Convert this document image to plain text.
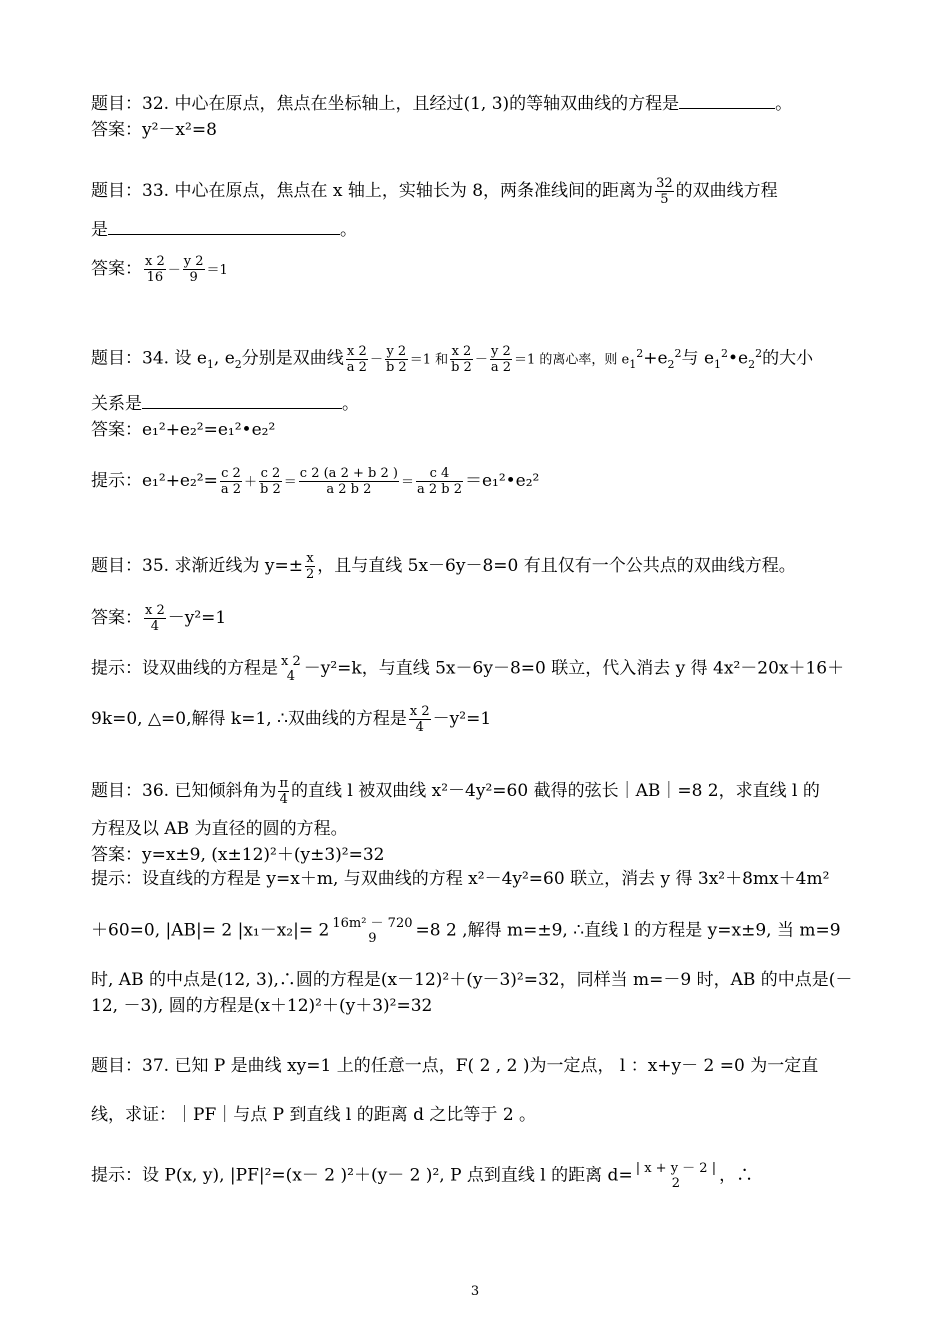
题目：32. 中心在原点，焦点在坐标轴上，且经过(1, 3)的等轴双曲线的方程是	。
答案：y²－x²=8
题目：33. 中心在原点，焦点在 x 轴上，实轴长为 8，两条准线间的距离为 $\frac{32}{5}$ 的双曲线方程
是	。
答案： $\frac{x 2}{16} - \frac{y 2}{9} =1$
题目：34. 设 $e_1$, $e_2$分别是双曲线 $\frac{x 2}{a 2} - \frac{y 2}{b 2} =1$ 和 $\frac{x 2}{b 2} - \frac{y 2}{a 2} =1$ 的离心率，则 $e_1^2+e_2^2$与 $e_1^2•e_2^2$的大小
关系是	。
答案：e₁²+e₂²=e₁²•e₂²
提示：$e_1^2+e_2^2= \frac{c 2}{a 2} + \frac{c 2}{b 2} = \frac{c 2 (a 2 + b 2 )}{a 2 b 2} = \frac{c 4}{a 2 b 2}$ ＝e₁²•e₂²
题目：35. 求渐近线为 $y=\pm \frac{x}{2}$ ，且与直线 5x－6y－8=0 有且仅有一个公共点的双曲线方程。
答案： $\frac{x 2}{4} -y^2=1$
提示：设双曲线的方程是 x 2
4 －y²=k，与直线 5x－6y－8=0 联立，代入消去 y 得 4x²－20x＋16＋
9k=0, △=0,解得 k=1, ∴双曲线的方程是 $\frac{x 2}{4} -y^2=1$
题目：36. 已知倾斜角为 $\frac{\pi}{4}$ 的直线 l 被双曲线 x²－4y²=60 截得的弦长｜AB｜=8 2，求直线 l 的
方程及以 AB 为直径的圆的方程。
答案：y=x±9, (x±12)²＋(y±3)²=32
提示：设直线的方程是 y=x＋m, 与双曲线的方程 x²－4y²=60 联立，消去 y 得 3x²＋8mx＋4m²
＋60=0, |AB|= 2 |x₁－x₂|= 2 16m² － 720
9	=8 2 ,解得 m=±9, ∴直线 l 的方程是 y=x±9, 当 m=9
时, AB 的中点是(12, 3),∴圆的方程是(x－12)²＋(y－3)²=32，同样当 m=－9 时，AB 的中点是(－
12, －3), 圆的方程是(x＋12)²＋(y＋3)²=32
题目：37. 已知 P 是曲线 xy=1 上的任意一点，F( 2 , 2 )为一定点， l ：x+y－ 2 =0 为一定直
线，求证：｜PF｜与点 P 到直线 l 的距离 d 之比等于 2 。
提示：设 P(x, y), |PF|²=(x－ 2 )²＋(y－ 2 )², P 点到直线 l 的距离 d= | x + y － 2 |
2	，∴
3
